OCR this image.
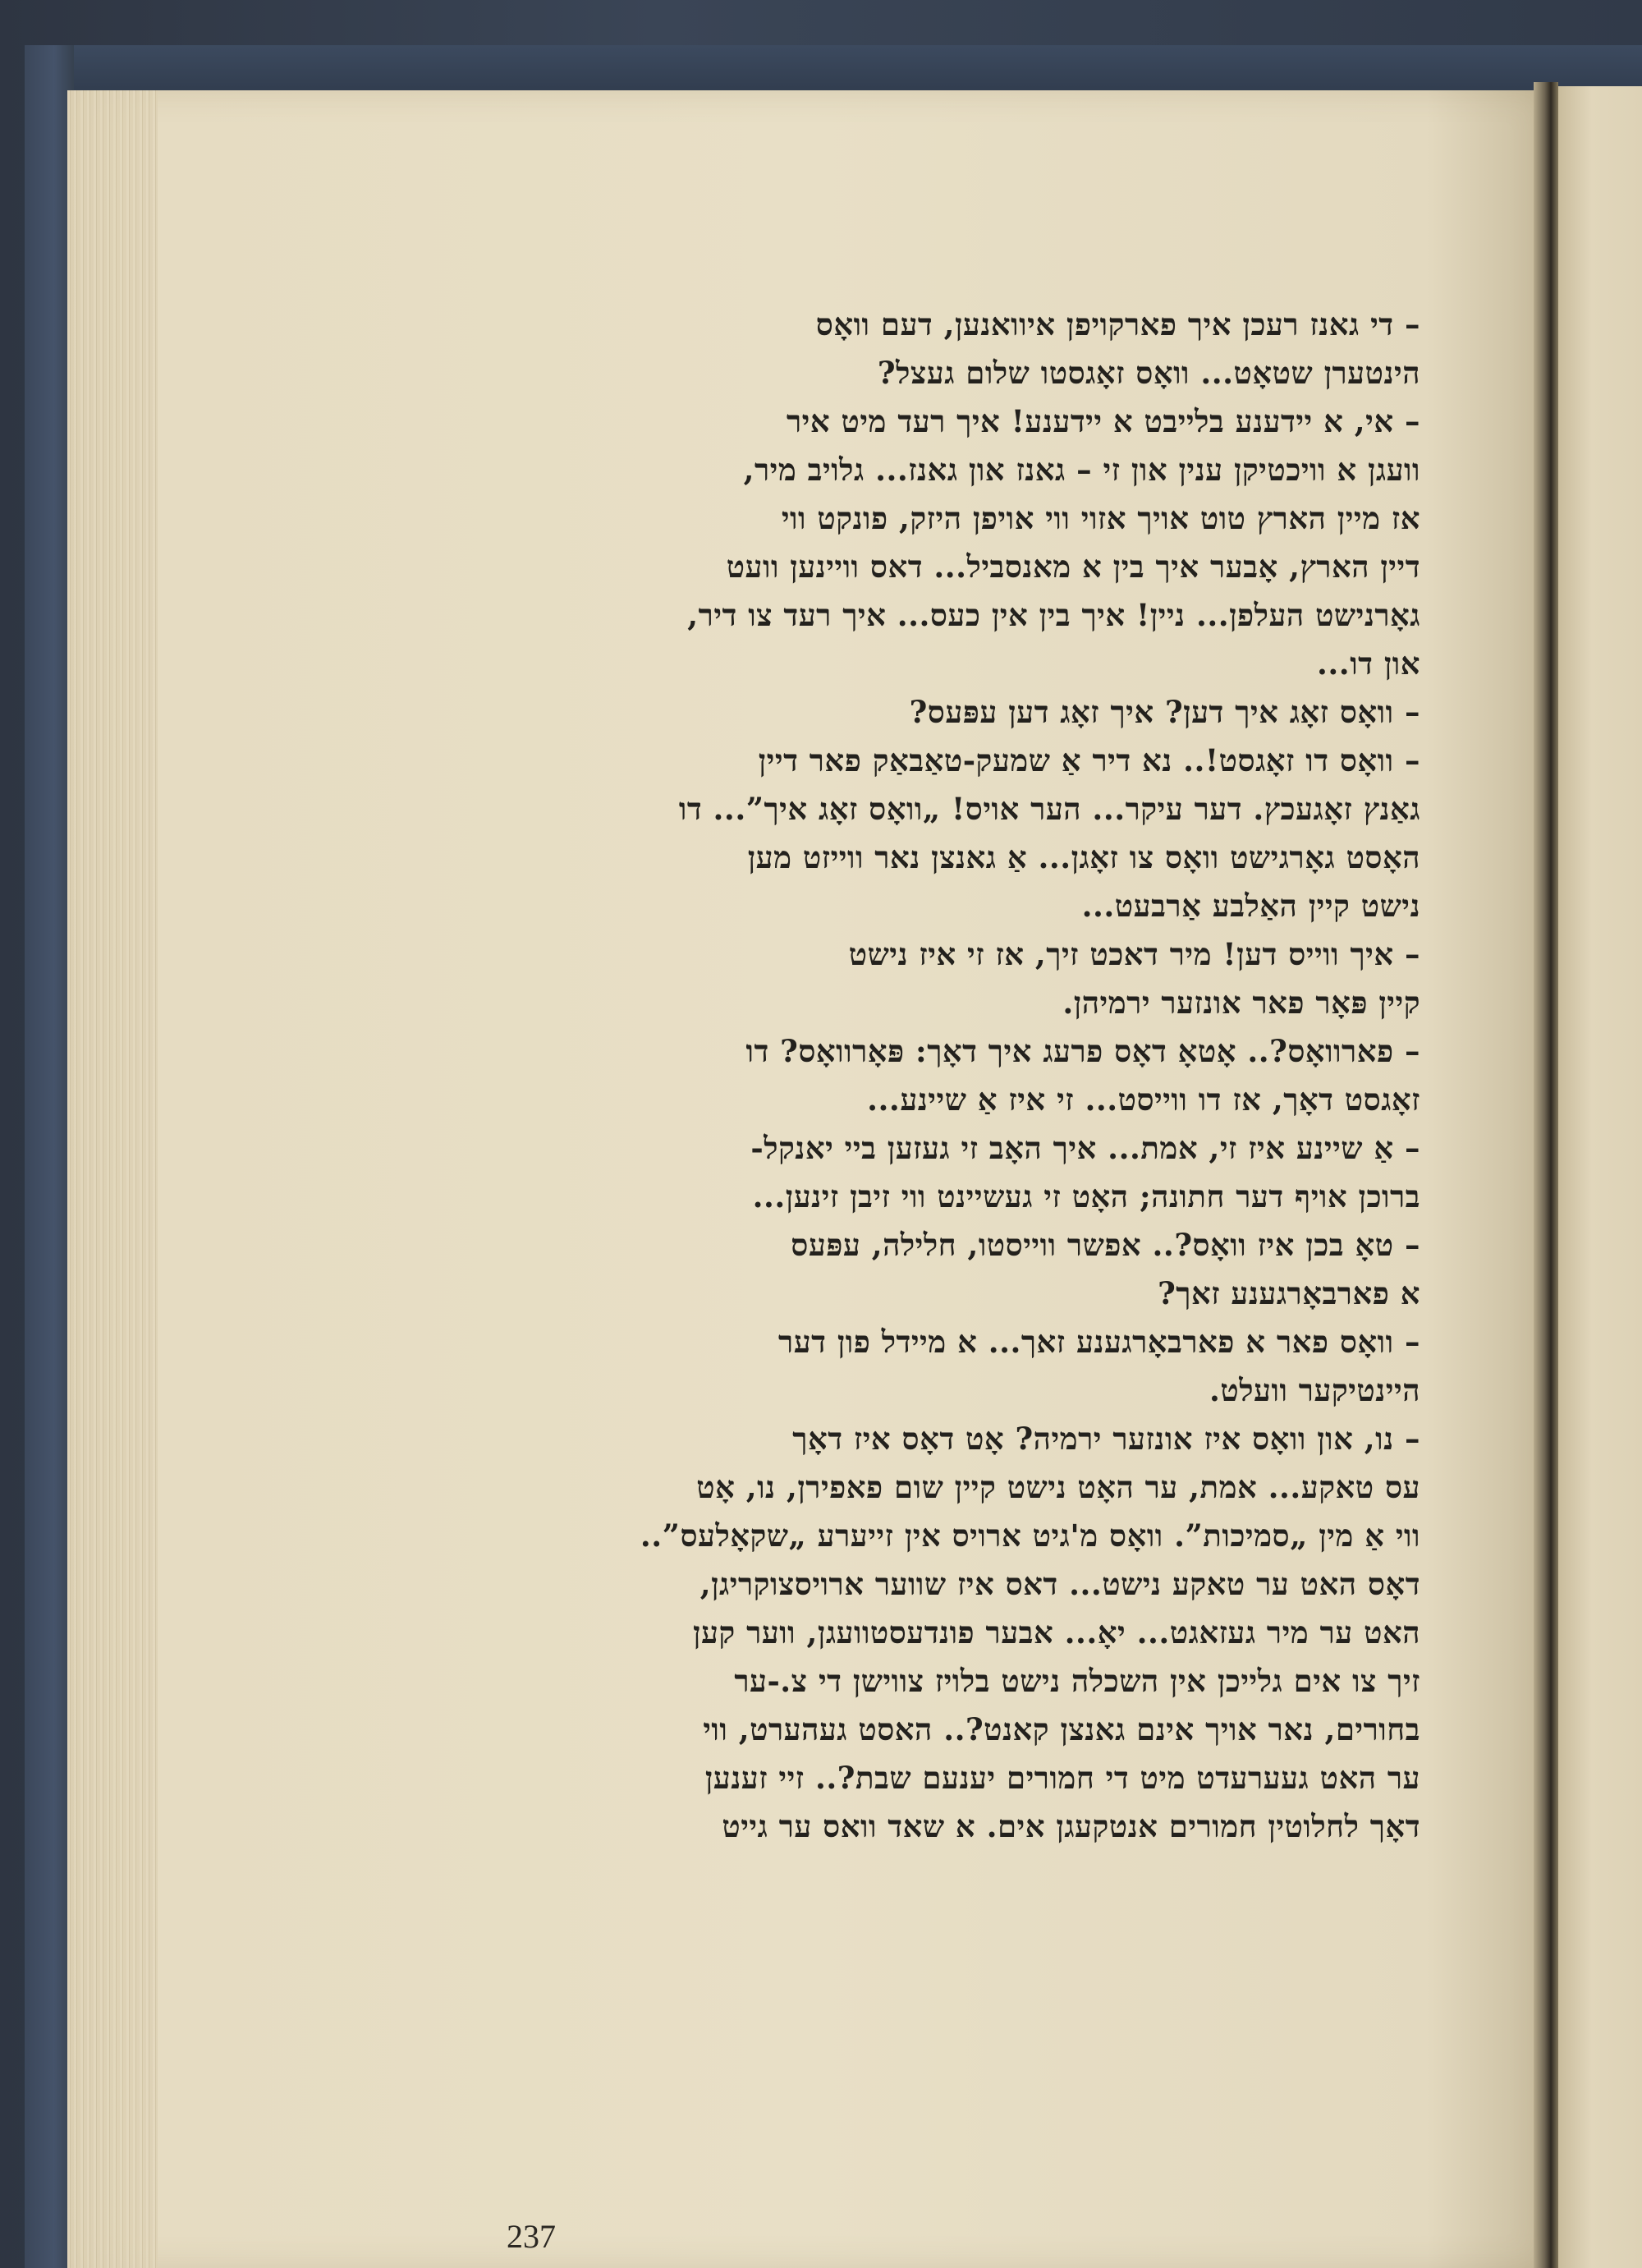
– די גאנז רעכן איך פארקויפן איוואנען, דעם וואָס
הינטערן שטאָט... וואָס זאָגסטו שלום געצל?

– אי, א יידענע בלייבט א יידענע! איך רעד מיט איר
וועגן א וויכטיקן ענין און זי – גאנז און גאנז... גלויב מיר,
אז מיין הארץ טוט אויך אזוי ווי אויפן היזק, פונקט ווי
דיין הארץ, אָבער איך בין א מאנסביל... דאס וויינען וועט
גאָרנישט העלפן... ניין! איך בין אין כעס... איך רעד צו דיר,
און דו...

– וואָס זאָג איך דען? איך זאָג דען עפּעס?

– וואָס דו זאָגסט!.. נא דיר אַ שמעק-טאַבאַק פאר דיין
גאַנץ זאָגעכץ. דער עיקר... הער אויס! „וואָס זאָג איך”... דו
האָסט גאָרגישט וואָס צו זאָגן... אַ גאנצן נאר ווייזט מען
נישט קיין האַלבע אַרבעט...

– איך ווייס דען! מיר דאכט זיך, אז זי איז נישט
קיין פּאָר פאר אונזער ירמיהן.

– פארוואָס?.. אָטאָ דאָס פרעג איך דאָך: פּאָרוואָס? דו
זאָגסט דאָך, אז דו ווייסט... זי איז אַ שיינע...

– אַ שיינע איז זי, אמת... איך האָב זי געזען ביי יאנקל-
ברוכן אויף דער חתונה; האָט זי געשיינט ווי זיבן זינען...

– טאָ בכן איז וואָס?.. אפשר ווייסטו, חלילה, עפּעס
א פארבאָרגענע זאך?

– וואָס פאר א פארבאָרגענע זאך... א מיידל פון דער
היינטיקער וועלט.

– נו, און וואָס איז אונזער ירמיה? אָט דאָס איז דאָך
עס טאקע... אמת, ער האָט נישט קיין שום פאפירן, נו, אָט
ווי אַ מין „סמיכות”. וואָס מ'גיט ארויס אין זייערע „שקאָלעס”..
דאָס האט ער טאקע נישט... דאס איז שווער ארויסצוקריגן,
האט ער מיר געזאגט... יאָ... אבער פונדעסטוועגן, ווער קען
זיך צו אים גלייכן אין השכלה נישט בלויז צווישן די צ.-ער
בחורים, נאר אויך אינם גאנצן קאנט?.. האסט געהערט, ווי
ער האט געערעדט מיט די חמורים יענעם שבת?.. זיי זענען
דאָך לחלוטין חמורים אנטקעגן אים. א שאד וואס ער גייט

237
